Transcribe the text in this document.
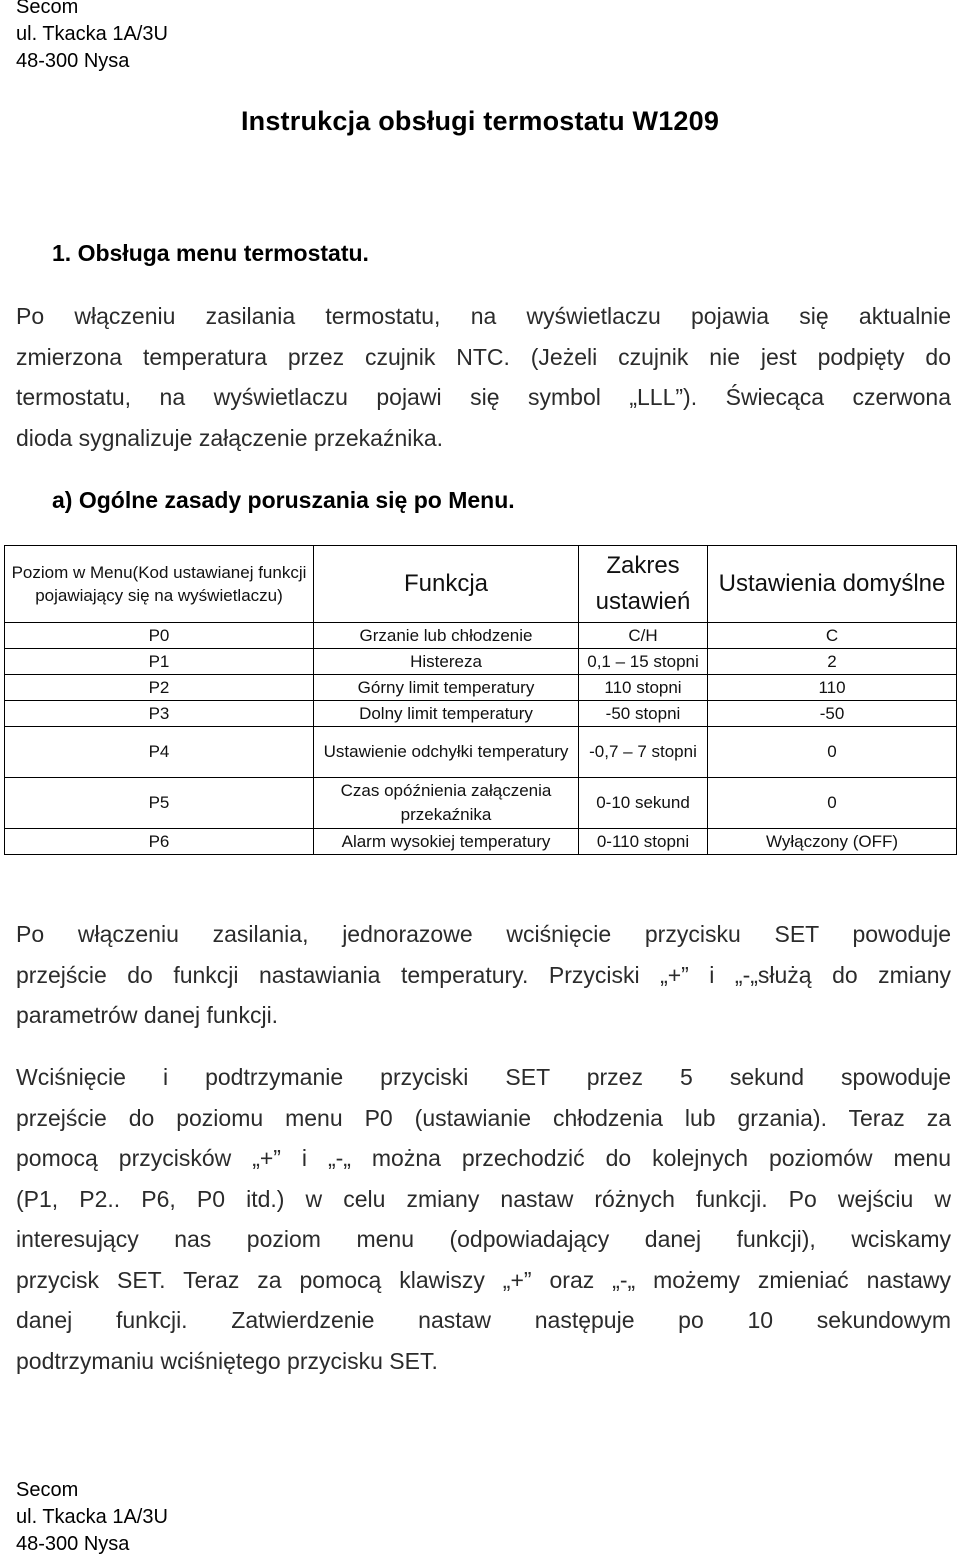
Secom
ul. Tkacka 1A/3U
48-300 Nysa
Instrukcja obsługi termostatu W1209
1. Obsługa menu termostatu.
Po włączeniu zasilania termostatu, na wyświetlaczu pojawia się aktualnie
zmierzona temperatura przez czujnik NTC. (Jeżeli czujnik nie jest podpięty do
termostatu, na wyświetlaczu pojawi się symbol „LLL”). Świecąca czerwona
dioda sygnalizuje załączenie przekaźnika.
a) Ogólne zasady poruszania się po Menu.
Poziom w Menu(Kod ustawianej funkcji pojawiający się na wyświetlaczu)	Funkcja	Zakres ustawień	Ustawienia domyślne
P0	Grzanie lub chłodzenie	C/H	C
P1	Histereza	0,1 – 15 stopni	2
P2	Górny limit temperatury	110 stopni	110
P3	Dolny limit temperatury	-50 stopni	-50
P4	Ustawienie odchyłki temperatury	-0,7 – 7 stopni	0
P5	Czas opóźnienia załączenia przekaźnika	0-10 sekund	0
P6	Alarm wysokiej temperatury	0-110 stopni	Wyłączony (OFF)
Po włączeniu zasilania, jednorazowe wciśnięcie przycisku SET powoduje
przejście do funkcji nastawiania temperatury. Przyciski „+” i „-„służą do zmiany
parametrów danej funkcji.
Wciśnięcie i podtrzymanie przyciski SET przez 5 sekund spowoduje
przejście do poziomu menu P0 (ustawianie chłodzenia lub grzania). Teraz za
pomocą przycisków „+” i „-„ można przechodzić do kolejnych poziomów menu
(P1, P2.. P6, P0 itd.) w celu zmiany nastaw różnych funkcji. Po wejściu w
interesujący nas poziom menu (odpowiadający danej funkcji), wciskamy
przycisk SET. Teraz za pomocą klawiszy „+” oraz „-„ możemy zmieniać nastawy
danej funkcji. Zatwierdzenie nastaw następuje po 10 sekundowym
podtrzymaniu wciśniętego przycisku SET.
Secom
ul. Tkacka 1A/3U
48-300 Nysa
